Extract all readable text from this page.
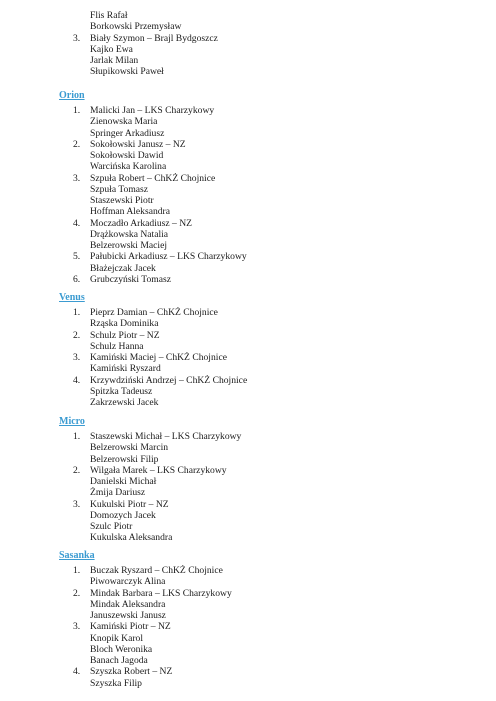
Flis Rafał
Borkowski Przemysław
3. Biały Szymon – Brajl Bydgoszcz
Kajko Ewa
Jarlak Milan
Słupikowski Paweł
Orion
1. Malicki Jan – LKS Charzykowy
Zienowska Maria
Springer Arkadiusz
2. Sokołowski Janusz – NZ
Sokołowski Dawid
Warcińska Karolina
3. Szpuła Robert – ChKŻ Chojnice
Szpuła Tomasz
Staszewski Piotr
Hoffman Aleksandra
4. Moczadło Arkadiusz – NZ
Drążkowska Natalia
Belzerowski Maciej
5. Pałubicki Arkadiusz – LKS Charzykowy
Błażejczak Jacek
6. Grubczyński Tomasz
Venus
1. Pieprz Damian – ChKŻ Chojnice
Rząska Dominika
2. Schulz Piotr – NZ
Schulz Hanna
3. Kamiński Maciej – ChKŻ Chojnice
Kamiński Ryszard
4. Krzywdziński Andrzej – ChKŻ Chojnice
Spitzka Tadeusz
Zakrzewski Jacek
Micro
1. Staszewski Michał – LKS Charzykowy
Belzerowski Marcin
Belzerowski Filip
2. Wilgała Marek – LKS Charzykowy
Danielski Michał
Żmija Dariusz
3. Kukulski Piotr – NZ
Domozych Jacek
Szulc Piotr
Kukulska Aleksandra
Sasanka
1. Buczak Ryszard – ChKŻ Chojnice
Piwowarczyk Alina
2. Mindak Barbara – LKS Charzykowy
Mindak Aleksandra
Januszewski Janusz
3. Kamiński Piotr – NZ
Knopik Karol
Bloch Weronika
Banach Jagoda
4. Szyszka Robert – NZ
Szyszka Filip
